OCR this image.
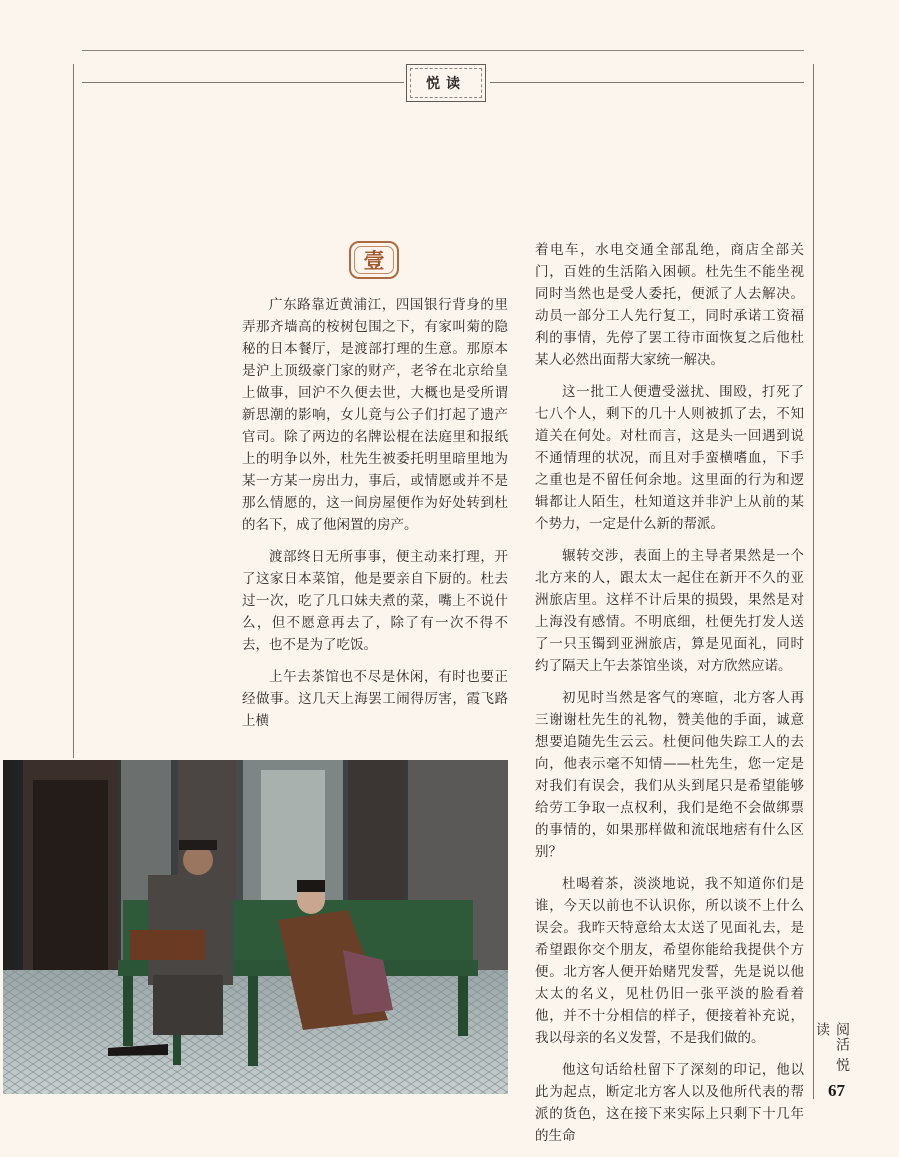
悦读
壹

广东路靠近黄浦江，四国银行背身的里弄那齐墙高的桉树包围之下，有家叫菊的隐秘的日本餐厅，是渡部打理的生意。那原本是沪上顶级豪门家的财产，老爷在北京给皇上做事，回沪不久便去世，大概也是受所谓新思潮的影响，女儿竟与公子们打起了遗产官司。除了两边的名牌讼棍在法庭里和报纸上的明争以外，杜先生被委托明里暗里地为某一方某一房出力，事后，或情愿或并不是那么情愿的，这一间房屋便作为好处转到杜的名下，成了他闲置的房产。

渡部终日无所事事，便主动来打理，开了这家日本菜馆，他是要亲自下厨的。杜去过一次，吃了几口妹夫煮的菜，嘴上不说什么，但不愿意再去了，除了有一次不得不去，也不是为了吃饭。

上午去茶馆也不尽是休闲，有时也要正经做事。这几天上海罢工闹得厉害，霞飞路上横

着电车，水电交通全部乱绝，商店全部关门，百姓的生活陷入困顿。杜先生不能坐视同时当然也是受人委托，便派了人去解决。动员一部分工人先行复工，同时承诺工资福利的事情，先停了罢工待市面恢复之后他杜某人必然出面帮大家统一解决。

这一批工人便遭受滋扰、围殴，打死了七八个人，剩下的几十人则被抓了去，不知道关在何处。对杜而言，这是头一回遇到说不通情理的状况，而且对手蛮横嗜血，下手之重也是不留任何余地。这里面的行为和逻辑都让人陌生，杜知道这并非沪上从前的某个势力，一定是什么新的帮派。

辗转交涉，表面上的主导者果然是一个北方来的人，跟太太一起住在新开不久的亚洲旅店里。这样不计后果的损毁，果然是对上海没有感情。不明底细，杜便先打发人送了一只玉镯到亚洲旅店，算是见面礼，同时约了隔天上午去茶馆坐谈，对方欣然应诺。

初见时当然是客气的寒暄，北方客人再三谢谢杜先生的礼物，赞美他的手面，诚意想要追随先生云云。杜便问他失踪工人的去向，他表示毫不知情——杜先生，您一定是对我们有误会，我们从头到尾只是希望能够给劳工争取一点权利，我们是绝不会做绑票的事情的，如果那样做和流氓地痞有什么区别？

杜喝着茶，淡淡地说，我不知道你们是谁，今天以前也不认识你，所以谈不上什么误会。我昨天特意给太太送了见面礼去，是希望跟你交个朋友，希望你能给我提供个方便。北方客人便开始赌咒发誓，先是说以他太太的名义，见杜仍旧一张平淡的脸看着他，并不十分相信的样子，便接着补充说，我以母亲的名义发誓，不是我们做的。

他这句话给杜留下了深刻的印记，他以此为起点，断定北方客人以及他所代表的帮派的货色，这在接下来实际上只剩下十几年的生命

阅活 悦读
67
